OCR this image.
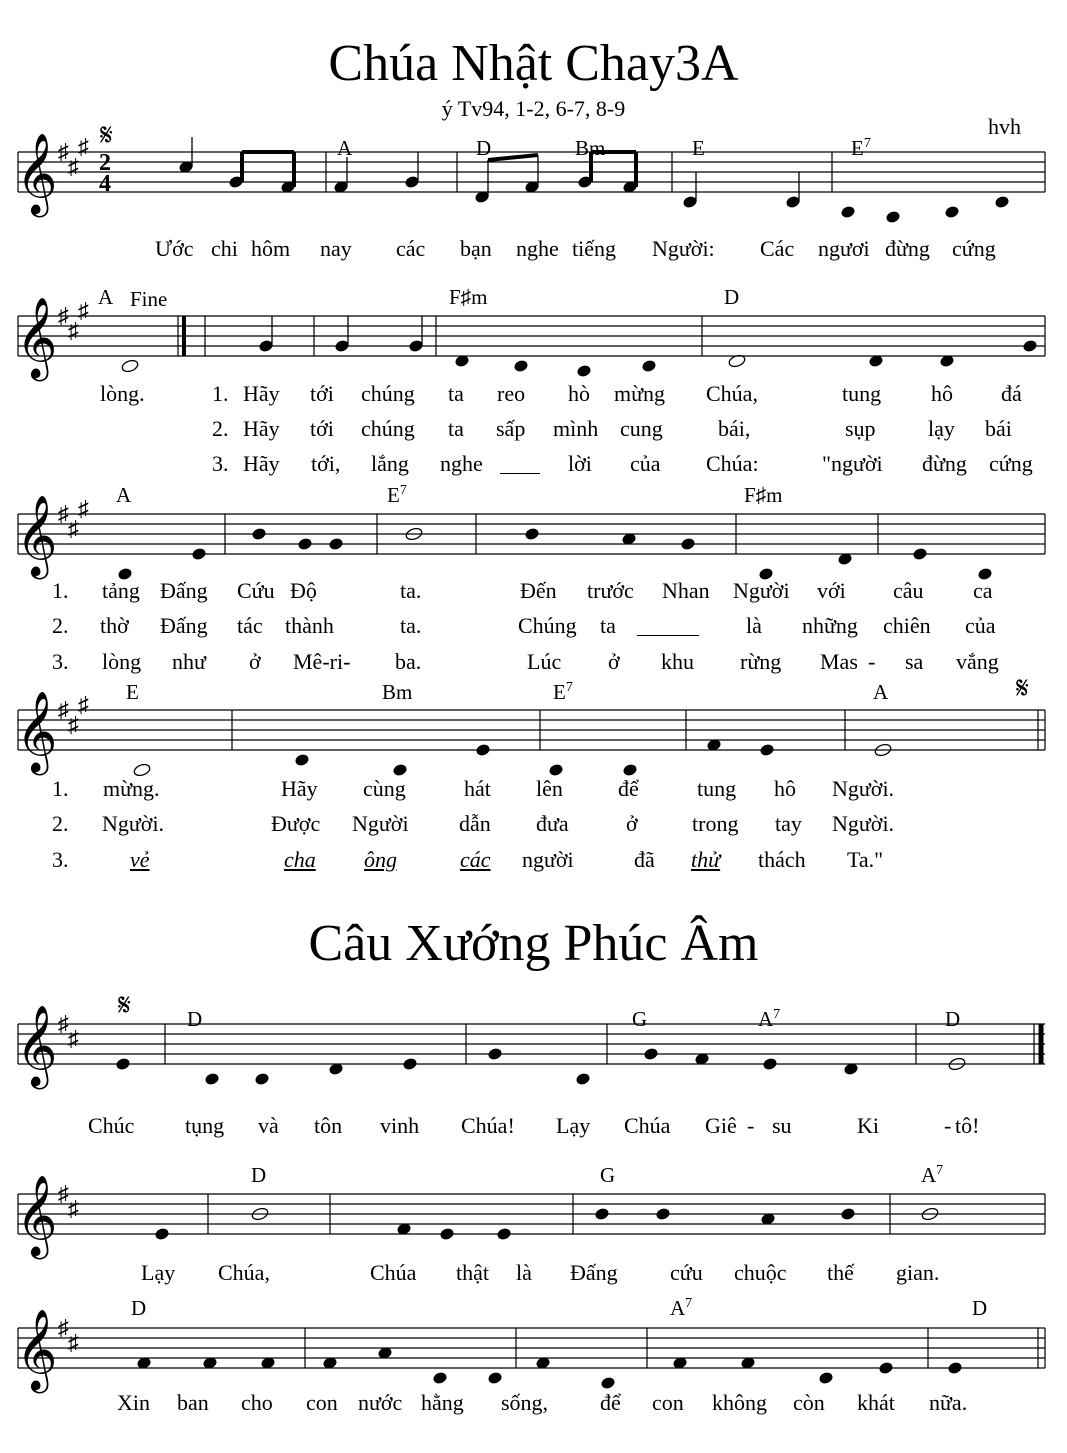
Chúa Nhật Chay3A
ý Tv94, 1-2, 6-7, 8-9
hvh
Câu Xướng Phúc Âm
𝄞
𝄞
𝄞
𝄞
𝄞
𝄞
𝄞
♯
♯
♯
♯
♯
♯
♯
♯
♯
♯
♯
♯
♯
♯
♯
♯
♯
♯
2
4
𝄋
𝄋
𝄋
Fine
A	D	Bm	E	$E^7$
A	F♯m	D
A	$E^7$	F♯m
E	Bm	$E^7$	A
Ước chi hôm nay các bạn nghe tiếng Người: Các ngươi đừng cứng
lòng.	1. Hãy tới chúng ta reo hò mừng Chúa,	tung hô đá
2. Hãy tới chúng ta sấp mình cung	bái,	sụp lạy bái
3. Hãy tới, lắng nghe	lời của Chúa:	"người đừng cứng
1. tảng Đấng Cứu Độ	ta.	Đến trước Nhan Người với câu ca
2. thờ Đấng tác thành	ta.	Chúng ta	là những chiên của
3. lòng như ở Mê-ri- ba.	Lúc ở khu rừng Mas - sa vắng
1. mừng.	Hãy cùng	hát lên	để	tung hô Người.
2. Người.	Được Người dẫn đưa	ở trong tay Người.
3.	vẻ	cha ông	các người	đã thử thách Ta."
D	G	$A^7$	D
D	G	$A^7$
D	$A^7$	D
Chúc tụng và tôn vinh Chúa! Lạy Chúa Giê - su	Ki	- tô!
Lạy Chúa,	Chúa thật là Đấng cứu chuộc thế gian.
Xin ban cho con nước hằng sống, để con không còn khát nữa.
